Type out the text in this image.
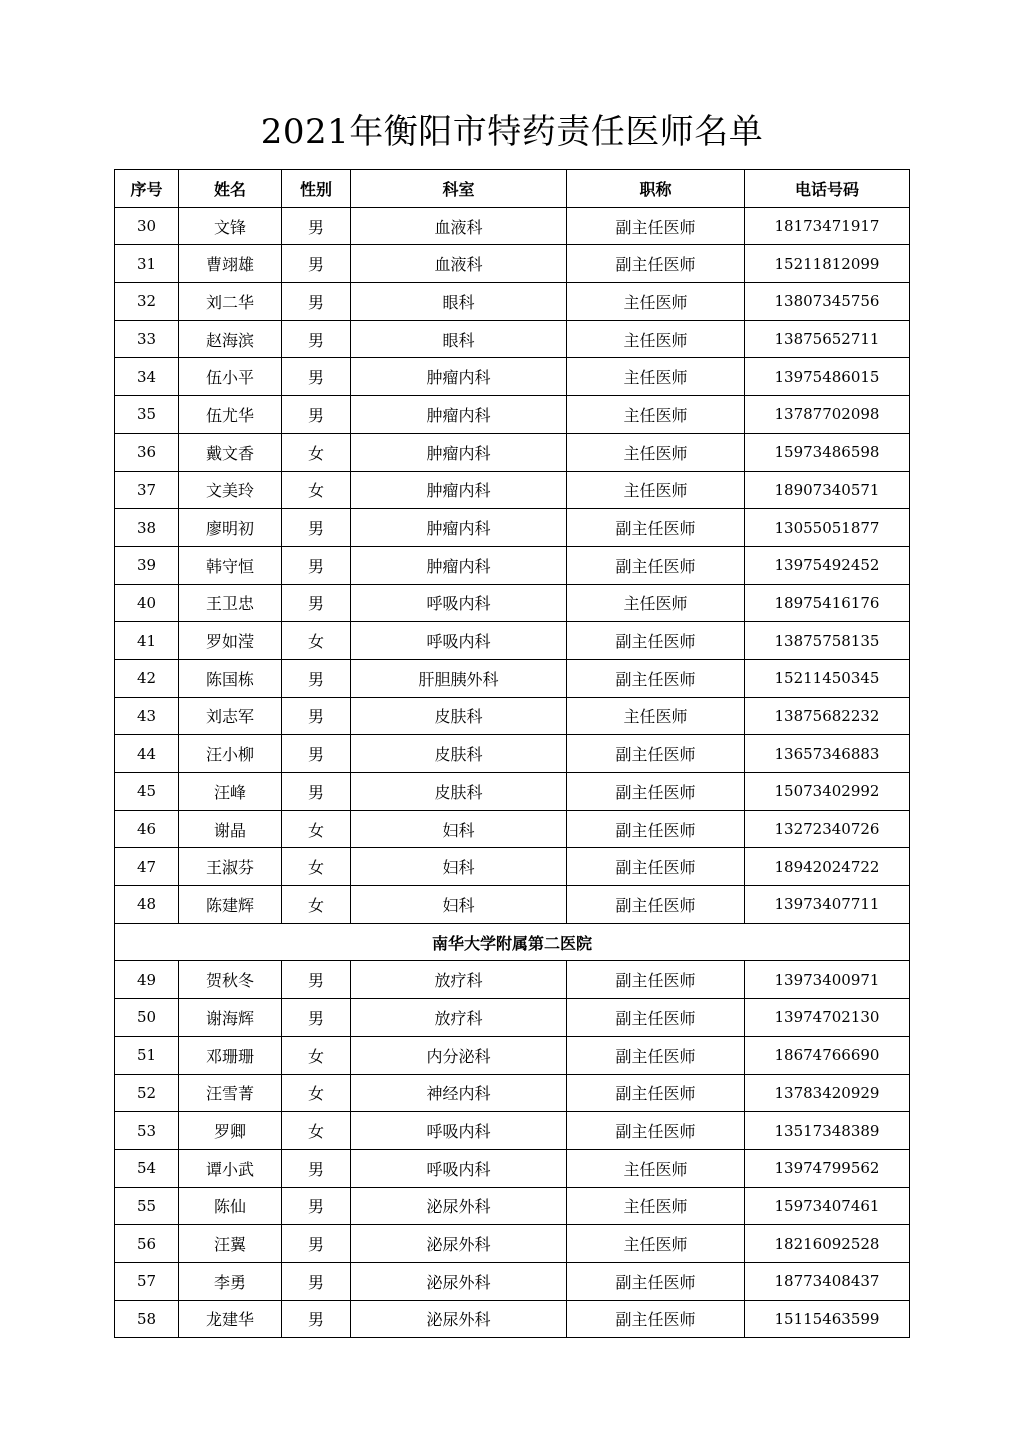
2021年衡阳市特药责任医师名单
序号	姓名	性别	科室	职称	电话号码
30	文锋	男	血液科	副主任医师	18173471917
31	曹翊雄	男	血液科	副主任医师	15211812099
32	刘二华	男	眼科	主任医师	13807345756
33	赵海滨	男	眼科	主任医师	13875652711
34	伍小平	男	肿瘤内科	主任医师	13975486015
35	伍尤华	男	肿瘤内科	主任医师	13787702098
36	戴文香	女	肿瘤内科	主任医师	15973486598
37	文美玲	女	肿瘤内科	主任医师	18907340571
38	廖明初	男	肿瘤内科	副主任医师	13055051877
39	韩守恒	男	肿瘤内科	副主任医师	13975492452
40	王卫忠	男	呼吸内科	主任医师	18975416176
41	罗如滢	女	呼吸内科	副主任医师	13875758135
42	陈国栋	男	肝胆胰外科	副主任医师	15211450345
43	刘志军	男	皮肤科	主任医师	13875682232
44	汪小柳	男	皮肤科	副主任医师	13657346883
45	汪峰	男	皮肤科	副主任医师	15073402992
46	谢晶	女	妇科	副主任医师	13272340726
47	王淑芬	女	妇科	副主任医师	18942024722
48	陈建辉	女	妇科	副主任医师	13973407711
南华大学附属第二医院					
49	贺秋冬	男	放疗科	副主任医师	13973400971
50	谢海辉	男	放疗科	副主任医师	13974702130
51	邓珊珊	女	内分泌科	副主任医师	18674766690
52	汪雪菁	女	神经内科	副主任医师	13783420929
53	罗卿	女	呼吸内科	副主任医师	13517348389
54	谭小武	男	呼吸内科	主任医师	13974799562
55	陈仙	男	泌尿外科	主任医师	15973407461
56	汪翼	男	泌尿外科	主任医师	18216092528
57	李勇	男	泌尿外科	副主任医师	18773408437
58	龙建华	男	泌尿外科	副主任医师	15115463599
